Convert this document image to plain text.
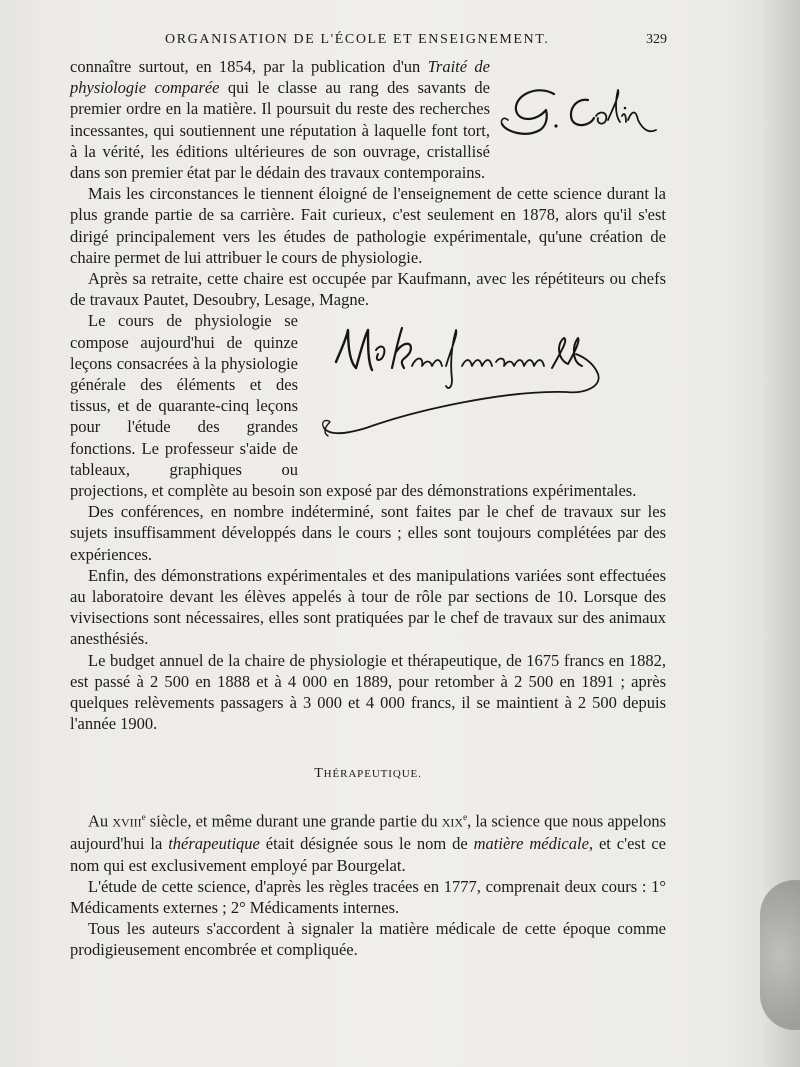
ORGANISATION DE L'ÉCOLE ET ENSEIGNEMENT.	329

connaître surtout, en 1854, par la publication d'un Traité de physiologie comparée qui le classe au rang des savants de premier ordre en la matière. Il poursuit du reste des recherches incessantes, qui soutiennent une réputation à laquelle font tort, à la vérité, les éditions ultérieures de son ouvrage, cristallisé dans son premier état par le dédain des travaux contemporains.

Mais les circonstances le tiennent éloigné de l'enseignement de cette science durant la plus grande partie de sa carrière. Fait curieux, c'est seulement en 1878, alors qu'il s'est dirigé principalement vers les études de pathologie expérimentale, qu'une création de chaire permet de lui attribuer le cours de physiologie.

Après sa retraite, cette chaire est occupée par Kaufmann, avec les répétiteurs ou chefs de travaux Pautet, Desoubry, Lesage, Magne.

Le cours de physiologie se compose aujourd'hui de quinze leçons consacrées à la physiologie générale des éléments et des tissus, et de quarante-cinq leçons pour l'étude des grandes fonctions. Le professeur s'aide de tableaux, graphiques ou projections, et complète au besoin son exposé par des démonstrations expérimentales.

Des conférences, en nombre indéterminé, sont faites par le chef de travaux sur les sujets insuffisamment développés dans le cours ; elles sont toujours complétées par des expériences.

Enfin, des démonstrations expérimentales et des manipulations variées sont effectuées au laboratoire devant les élèves appelés à tour de rôle par sections de 10. Lorsque des vivisections sont nécessaires, elles sont pratiquées par le chef de travaux sur des animaux anesthésiés.

Le budget annuel de la chaire de physiologie et thérapeutique, de 1675 francs en 1882, est passé à 2 500 en 1888 et à 4 000 en 1889, pour retomber à 2 500 en 1891 ; après quelques relèvements passagers à 3 000 et 4 000 francs, il se maintient à 2 500 depuis l'année 1900.

THÉRAPEUTIQUE.

Au XVIIIe siècle, et même durant une grande partie du XIXe, la science que nous appelons aujourd'hui la thérapeutique était désignée sous le nom de matière médicale, et c'est ce nom qui est exclusivement employé par Bourgelat.

L'étude de cette science, d'après les règles tracées en 1777, comprenait deux cours : 1° Médicaments externes ; 2° Médicaments internes.

Tous les auteurs s'accordent à signaler la matière médicale de cette époque comme prodigieusement encombrée et compliquée.
